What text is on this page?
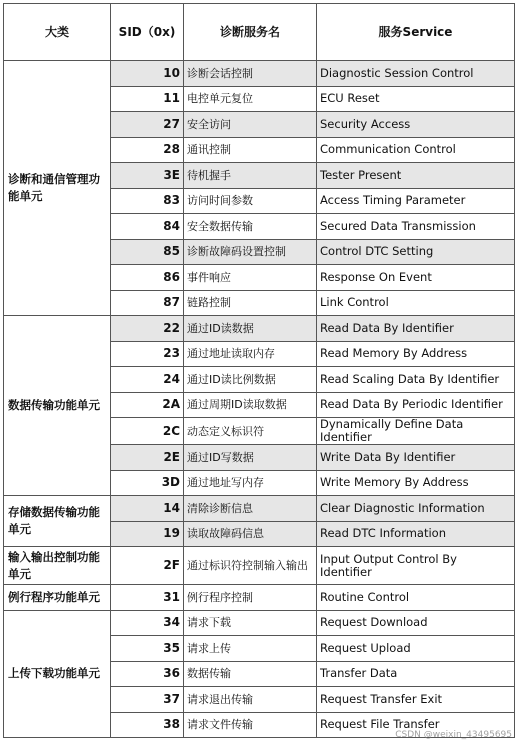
大类	SID（0x)	诊断服务名	服务Service
诊断和通信管理功能单元	10	诊断会话控制	Diagnostic Session Control
	11	电控单元复位	ECU Reset
	27	安全访问	Security Access
	28	通讯控制	Communication Control
	3E	待机握手	Tester Present
	83	访问时间参数	Access Timing Parameter
	84	安全数据传输	Secured Data Transmission
	85	诊断故障码设置控制	Control DTC Setting
	86	事件响应	Response On Event
	87	链路控制	Link Control
数据传输功能单元	22	通过ID读数据	Read Data By Identifier
	23	通过地址读取内存	Read Memory By Address
	24	通过ID读比例数据	Read Scaling Data By Identifier
	2A	通过周期ID读取数据	Read Data By Periodic Identifier
	2C	动态定义标识符	Dynamically Define Data Identifier
	2E	通过ID写数据	Write Data By Identifier
	3D	通过地址写内存	Write Memory By Address
存储数据传输功能单元	14	清除诊断信息	Clear Diagnostic Information
	19	读取故障码信息	Read DTC Information
输入输出控制功能单元	2F	通过标识符控制输入输出	Input Output Control By Identifier
例行程序功能单元	31	例行程序控制	Routine Control
上传下载功能单元	34	请求下载	Request Download
	35	请求上传	Request Upload
	36	数据传输	Transfer Data
	37	请求退出传输	Request Transfer Exit
	38	请求文件传输	Request File Transfer
CSDN @weixin_43495695
